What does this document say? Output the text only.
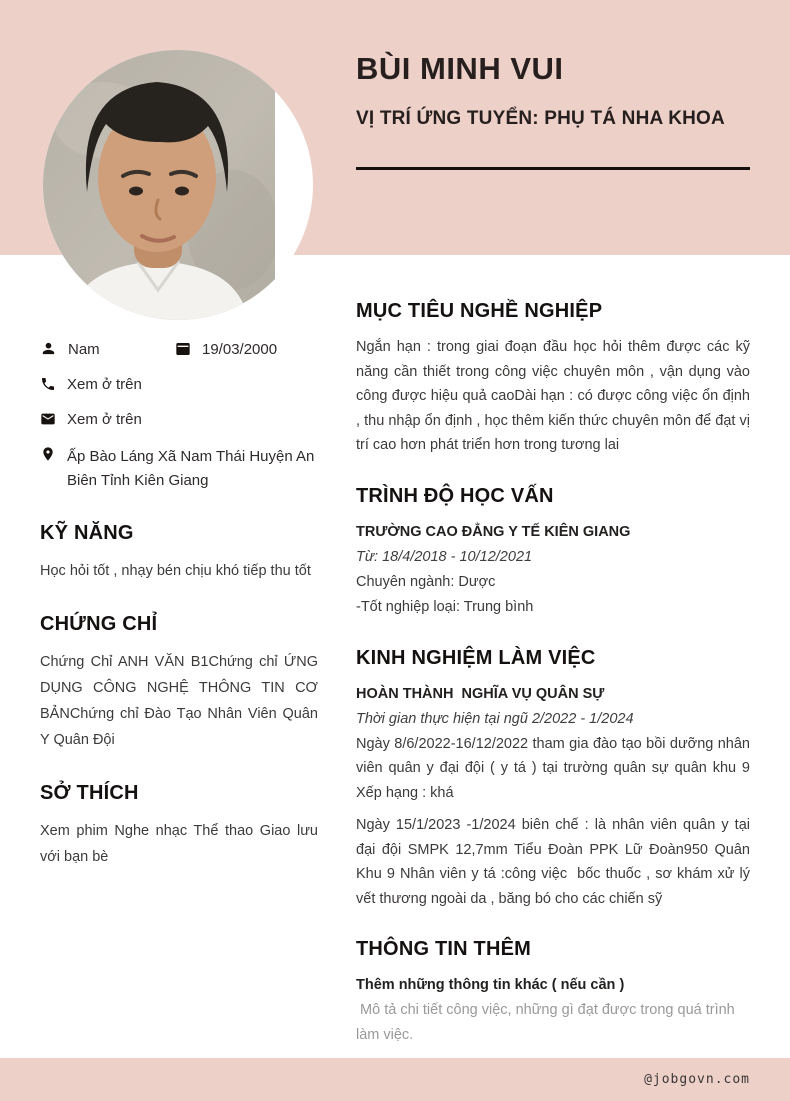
BÙI MINH VUI
VỊ TRÍ ỨNG TUYỂN: PHỤ TÁ NHA KHOA
Nam	19/03/2000
Xem ở trên
Xem ở trên
Ấp Bào Láng Xã Nam Thái Huyện An Biên Tỉnh Kiên Giang
KỸ NĂNG
Học hỏi tốt , nhạy bén chịu khó tiếp thu tốt
CHỨNG CHỈ
Chứng Chỉ ANH VĂN B1Chứng chỉ ỨNG DỤNG CÔNG NGHỆ THÔNG TIN CƠ BẢNChứng chỉ Đào Tạo Nhân Viên Quân Y Quân Đội
SỞ THÍCH
Xem phim Nghe nhạc Thể thao Giao lưu với bạn bè
MỤC TIÊU NGHỀ NGHIỆP
Ngắn hạn : trong giai đoạn đầu học hỏi thêm được các kỹ năng cần thiết trong công việc chuyên môn , vận dụng vào công được hiệu quả caoDài hạn : có được công việc ổn định , thu nhập ổn định , học thêm kiến thức chuyên môn để đạt vị trí cao hơn phát triển hơn trong tương lai
TRÌNH ĐỘ HỌC VẤN
TRƯỜNG CAO ĐẲNG Y TẾ KIÊN GIANG
Từ: 18/4/2018 - 10/12/2021
Chuyên ngành: Dược
-Tốt nghiệp loại: Trung bình
KINH NGHIỆM LÀM VIỆC
HOÀN THÀNH  NGHĨA VỤ QUÂN SỰ
Thời gian thực hiện tại ngũ 2/2022 - 1/2024

Ngày 8/6/2022-16/12/2022 tham gia đào tạo bồi dưỡng nhân viên quân y đại đội ( y tá ) tại trường quân sự quân khu 9 Xếp hạng : khá

Ngày 15/1/2023 -1/2024 biên chế : là nhân viên quân y tại đại đội SMPK 12,7mm Tiểu Đoàn PPK Lữ Đoàn950 Quân Khu 9 Nhân viên y tá :công việc  bốc thuốc , sơ khám xử lý vết thương ngoài da , băng bó cho các chiến sỹ

THÔNG TIN THÊM
Thêm những thông tin khác ( nếu cần )
Mô tả chi tiết công việc, những gì đạt được trong quá trình làm việc.
@jobgovn.com
